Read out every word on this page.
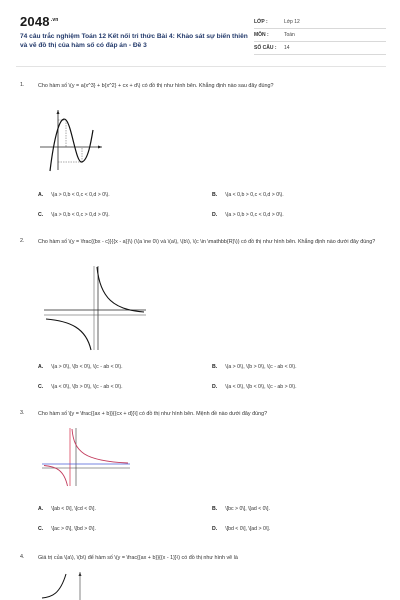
$2048^{.vn}$
74 câu trắc nghiệm Toán 12 Kết nối tri thức Bài 4: Khảo sát sự biến thiên và vẽ đồ thị của hàm số có đáp án - Đề 3
LỚP :	Lớp 12
MÔN :	Toán
SỐ CÂU :	14
1.	Cho hàm số \(y = a{x^3} + b{x^2} + cx + d\) có đồ thị như hình bên. Khẳng định nào sau đây đúng?
A. \(a > 0,b < 0,c < 0,d > 0\).	B. \(a < 0,b > 0,c < 0,d > 0\).
C. \(a > 0,b < 0,c > 0,d > 0\).	D. \(a > 0,b > 0,c < 0,d > 0\).
2.	Cho hàm số \(y = \frac{{bx - c}}{{x - a}}\) (\(a \ne 0\) và \(a\), \(b\), \(c \in \mathbb{R}\)) có đồ thị như hình bên. Khẳng định nào dưới đây đúng?
A. \(a > 0\), \(b < 0\), \(c - ab < 0\).	B. \(a > 0\), \(b > 0\), \(c - ab < 0\).
C. \(a < 0\), \(b > 0\), \(c - ab < 0\).	D. \(a < 0\), \(b < 0\), \(c - ab > 0\).
3.	Cho hàm số \[y = \frac{{ax + b}}{{cx + d}}\] có đồ thị như hình bên. Mệnh đề nào dưới đây đúng?
A. \[ab < 0\], \[cd < 0\].	B. \[bc > 0\], \[ad < 0\].
C. \[ac > 0\], \[bd > 0\].	D. \[bd < 0\], \[ad > 0\].
4.	Giá trị của \(a\), \(b\) để hàm số \(y = \frac{{ax + b}}{{x - 1}}\) có đồ thị như hình vẽ là
